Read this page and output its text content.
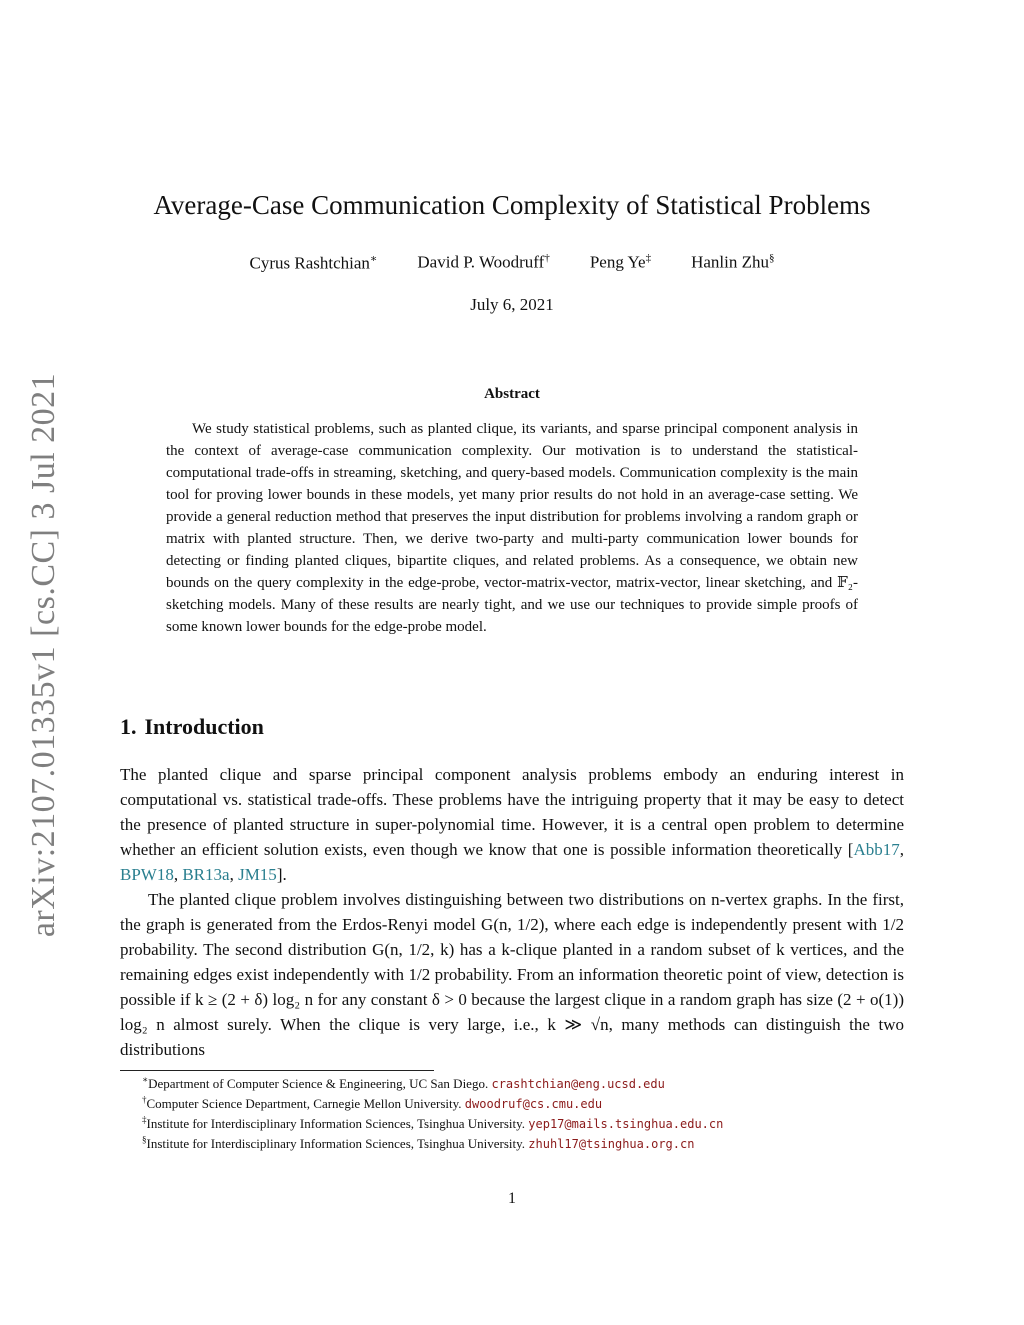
arXiv:2107.01335v1 [cs.CC] 3 Jul 2021
Average-Case Communication Complexity of Statistical Problems
Cyrus Rashtchian∗ David P. Woodruff† Peng Ye‡ Hanlin Zhu§
July 6, 2021
Abstract

We study statistical problems, such as planted clique, its variants, and sparse principal component analysis in the context of average-case communication complexity. Our motivation is to understand the statistical-computational trade-offs in streaming, sketching, and query-based models. Communication complexity is the main tool for proving lower bounds in these models, yet many prior results do not hold in an average-case setting. We provide a general reduction method that preserves the input distribution for problems involving a random graph or matrix with planted structure. Then, we derive two-party and multi-party communication lower bounds for detecting or finding planted cliques, bipartite cliques, and related problems. As a consequence, we obtain new bounds on the query complexity in the edge-probe, vector-matrix-vector, matrix-vector, linear sketching, and 𝔽₂-sketching models. Many of these results are nearly tight, and we use our techniques to provide simple proofs of some known lower bounds for the edge-probe model.

1. Introduction

The planted clique and sparse principal component analysis problems embody an enduring interest in computational vs. statistical trade-offs. These problems have the intriguing property that it may be easy to detect the presence of planted structure in super-polynomial time. However, it is a central open problem to determine whether an efficient solution exists, even though we know that one is possible information theoretically [Abb17, BPW18, BR13a, JM15].

The planted clique problem involves distinguishing between two distributions on n-vertex graphs. In the first, the graph is generated from the Erdos-Renyi model G(n, 1/2), where each edge is independently present with 1/2 probability. The second distribution G(n, 1/2, k) has a k-clique planted in a random subset of k vertices, and the remaining edges exist independently with 1/2 probability. From an information theoretic point of view, detection is possible if k ≥ (2 + δ) log₂ n for any constant δ > 0 because the largest clique in a random graph has size (2 + o(1)) log₂ n almost surely. When the clique is very large, i.e., k ≫ √n, many methods can distinguish the two distributions

∗Department of Computer Science & Engineering, UC San Diego. crashtchian@eng.ucsd.edu
†Computer Science Department, Carnegie Mellon University. dwoodruf@cs.cmu.edu
‡Institute for Interdisciplinary Information Sciences, Tsinghua University. yep17@mails.tsinghua.edu.cn
§Institute for Interdisciplinary Information Sciences, Tsinghua University. zhuhl17@tsinghua.org.cn
1
